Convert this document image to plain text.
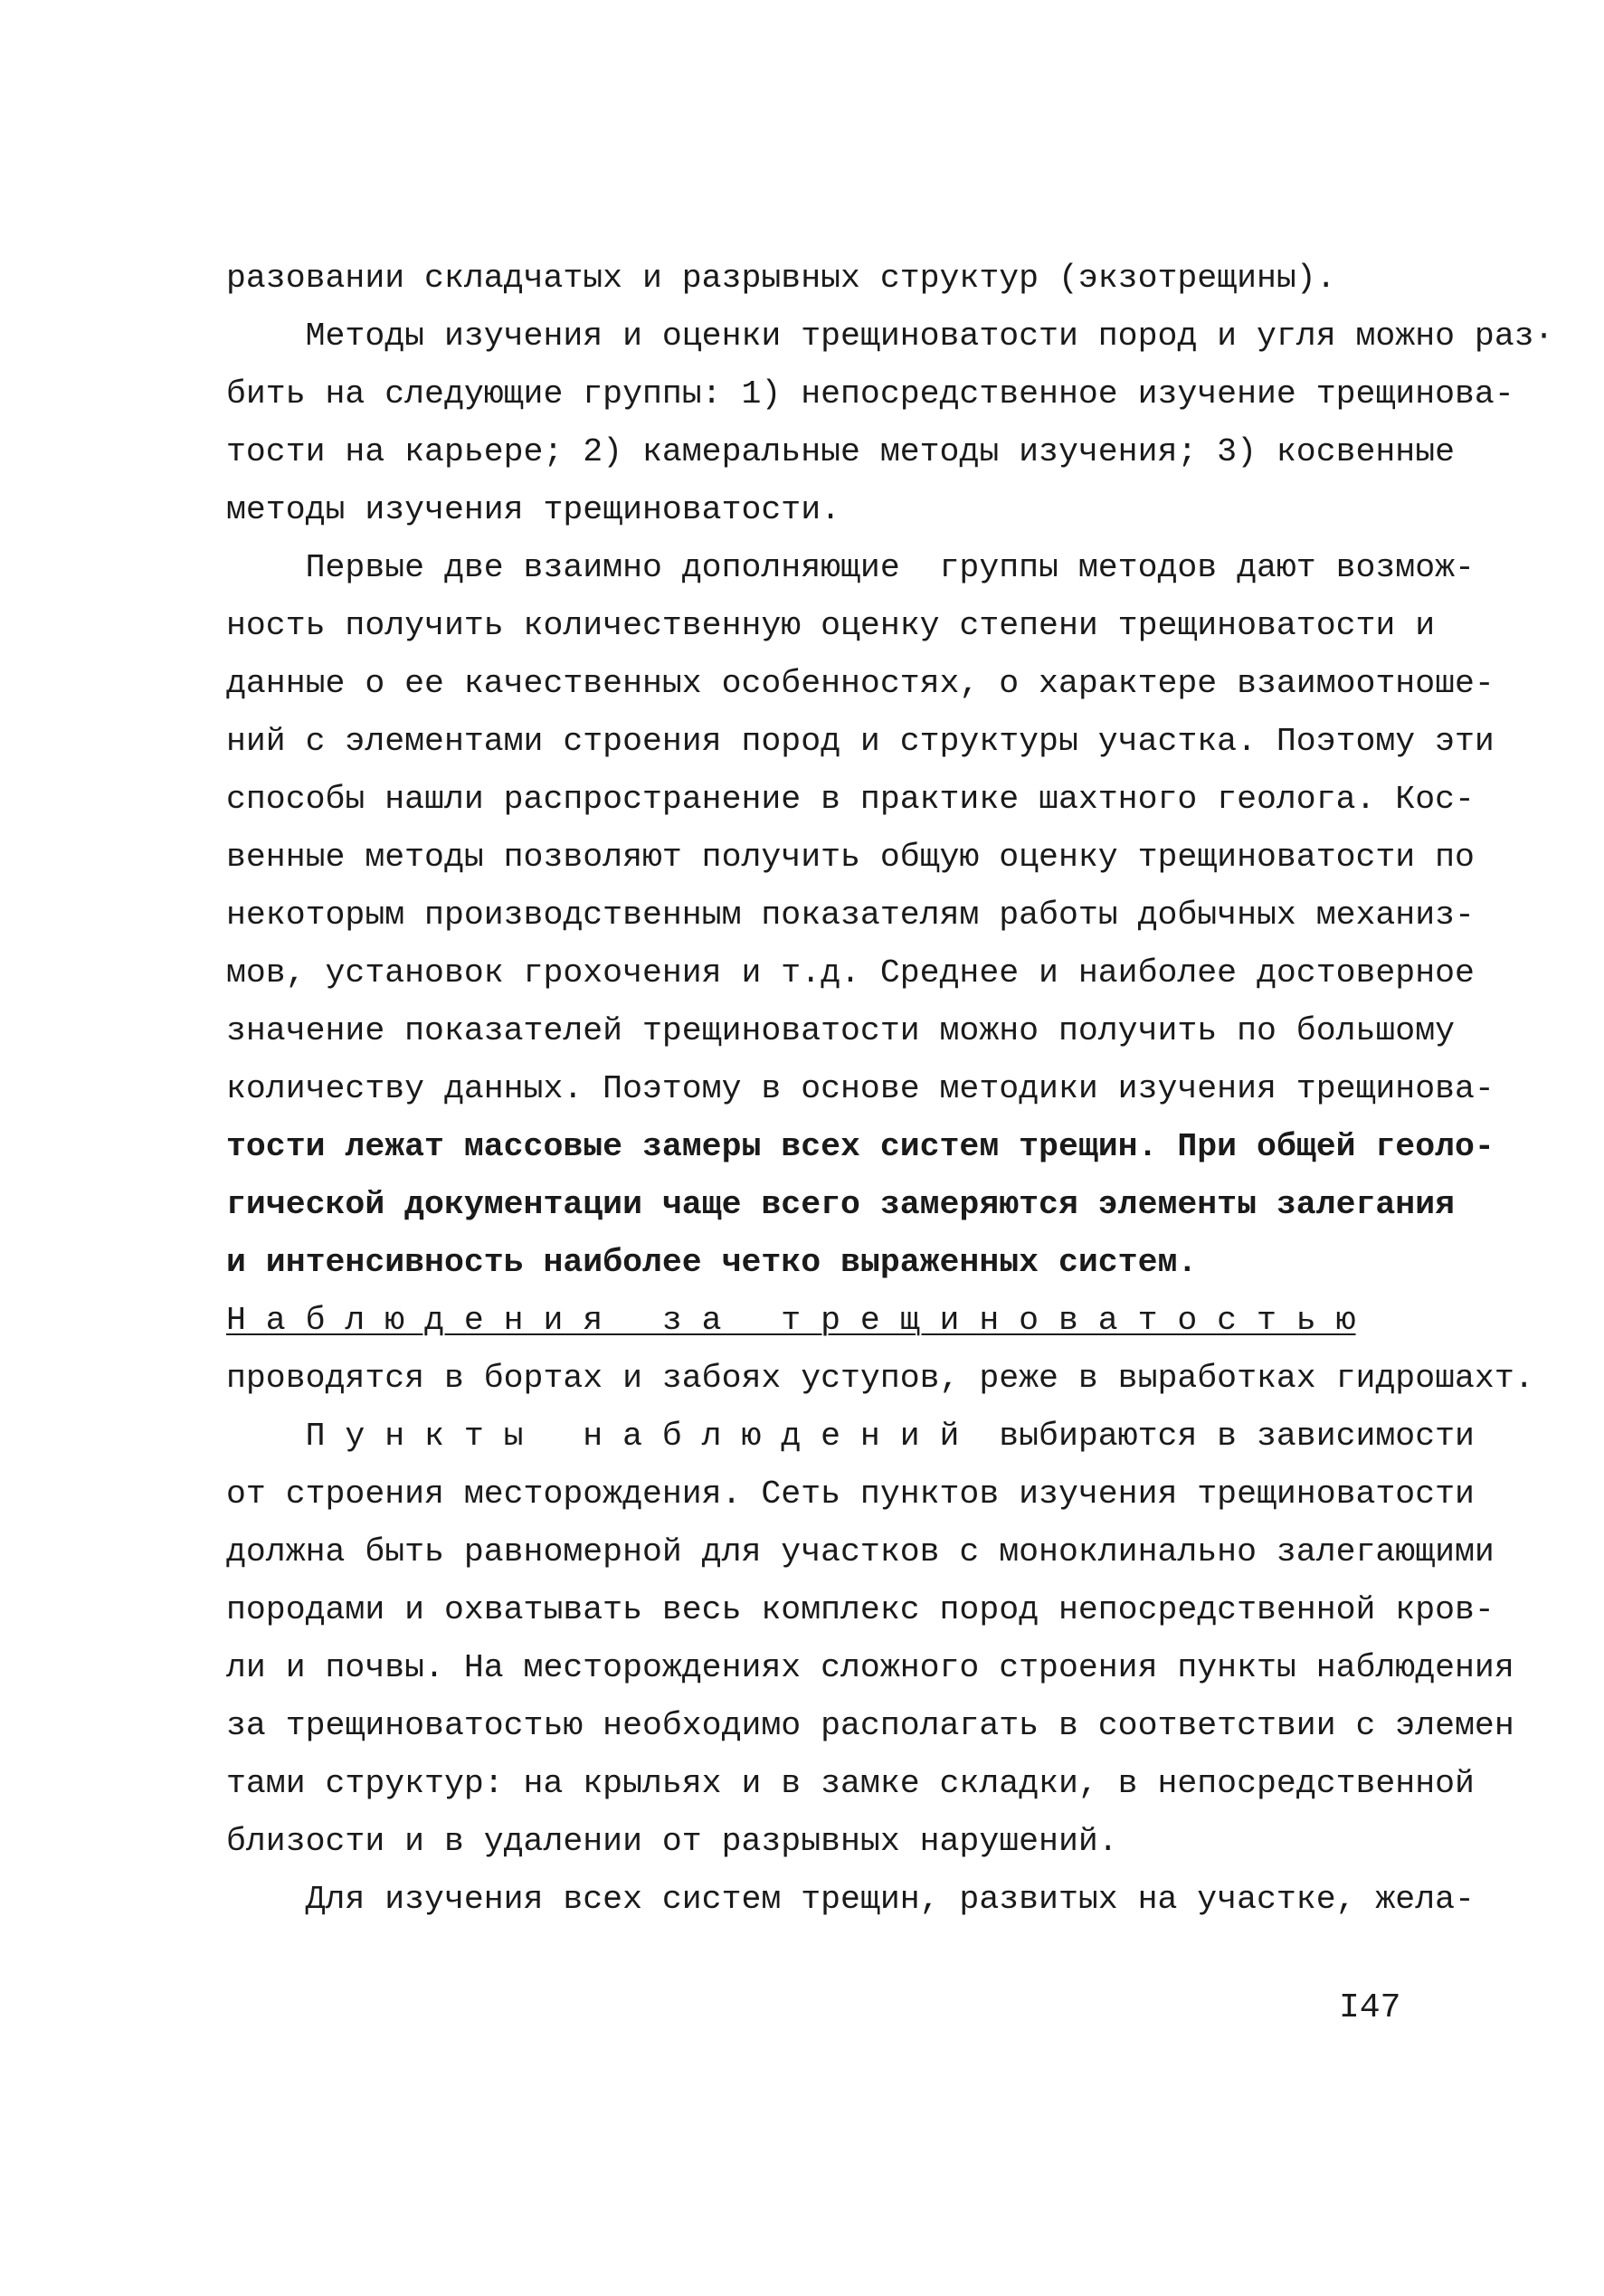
разовании складчатых и разрывных структур (экзотрещины).
Методы изучения и оценки трещиноватости пород и угля можно раз·
бить на следующие группы: 1) непосредственное изучение трещинова-
тости на карьере; 2) камеральные методы изучения; 3) косвенные
методы изучения трещиноватости.
Первые две взаимно дополняющие  группы методов дают возмож-
ность получить количественную оценку степени трещиноватости и
данные о ее качественных особенностях, о характере взаимоотноше-
ний с элементами строения пород и структуры участка. Поэтому эти
способы нашли распространение в практике шахтного геолога. Кос-
венные методы позволяют получить общую оценку трещиноватости по
некоторым производственным показателям работы добычных механиз-
мов, установок грохочения и т.д. Среднее и наиболее достоверное
значение показателей трещиноватости можно получить по большому
количеству данных. Поэтому в основе методики изучения трещинова-
тости лежат массовые замеры всех систем трещин. При общей геоло-
гической документации чаще всего замеряются элементы залегания
и интенсивность наиболее четко выраженных систем.
Н а б л ю д е н и я   з а   т р е щ и н о в а т о с т ь ю
проводятся в бортах и забоях уступов, реже в выработках гидрошахт.
П у н к т ы   н а б л ю д е н и й  выбираются в зависимости
от строения месторождения. Сеть пунктов изучения трещиноватости
должна быть равномерной для участков с моноклинально залегающими
породами и охватывать весь комплекс пород непосредственной кров-
ли и почвы. На месторождениях сложного строения пункты наблюдения
за трещиноватостью необходимо располагать в соответствии с элемен
тами структур: на крыльях и в замке складки, в непосредственной
близости и в удалении от разрывных нарушений.
Для изучения всех систем трещин, развитых на участке, жела-
I47
